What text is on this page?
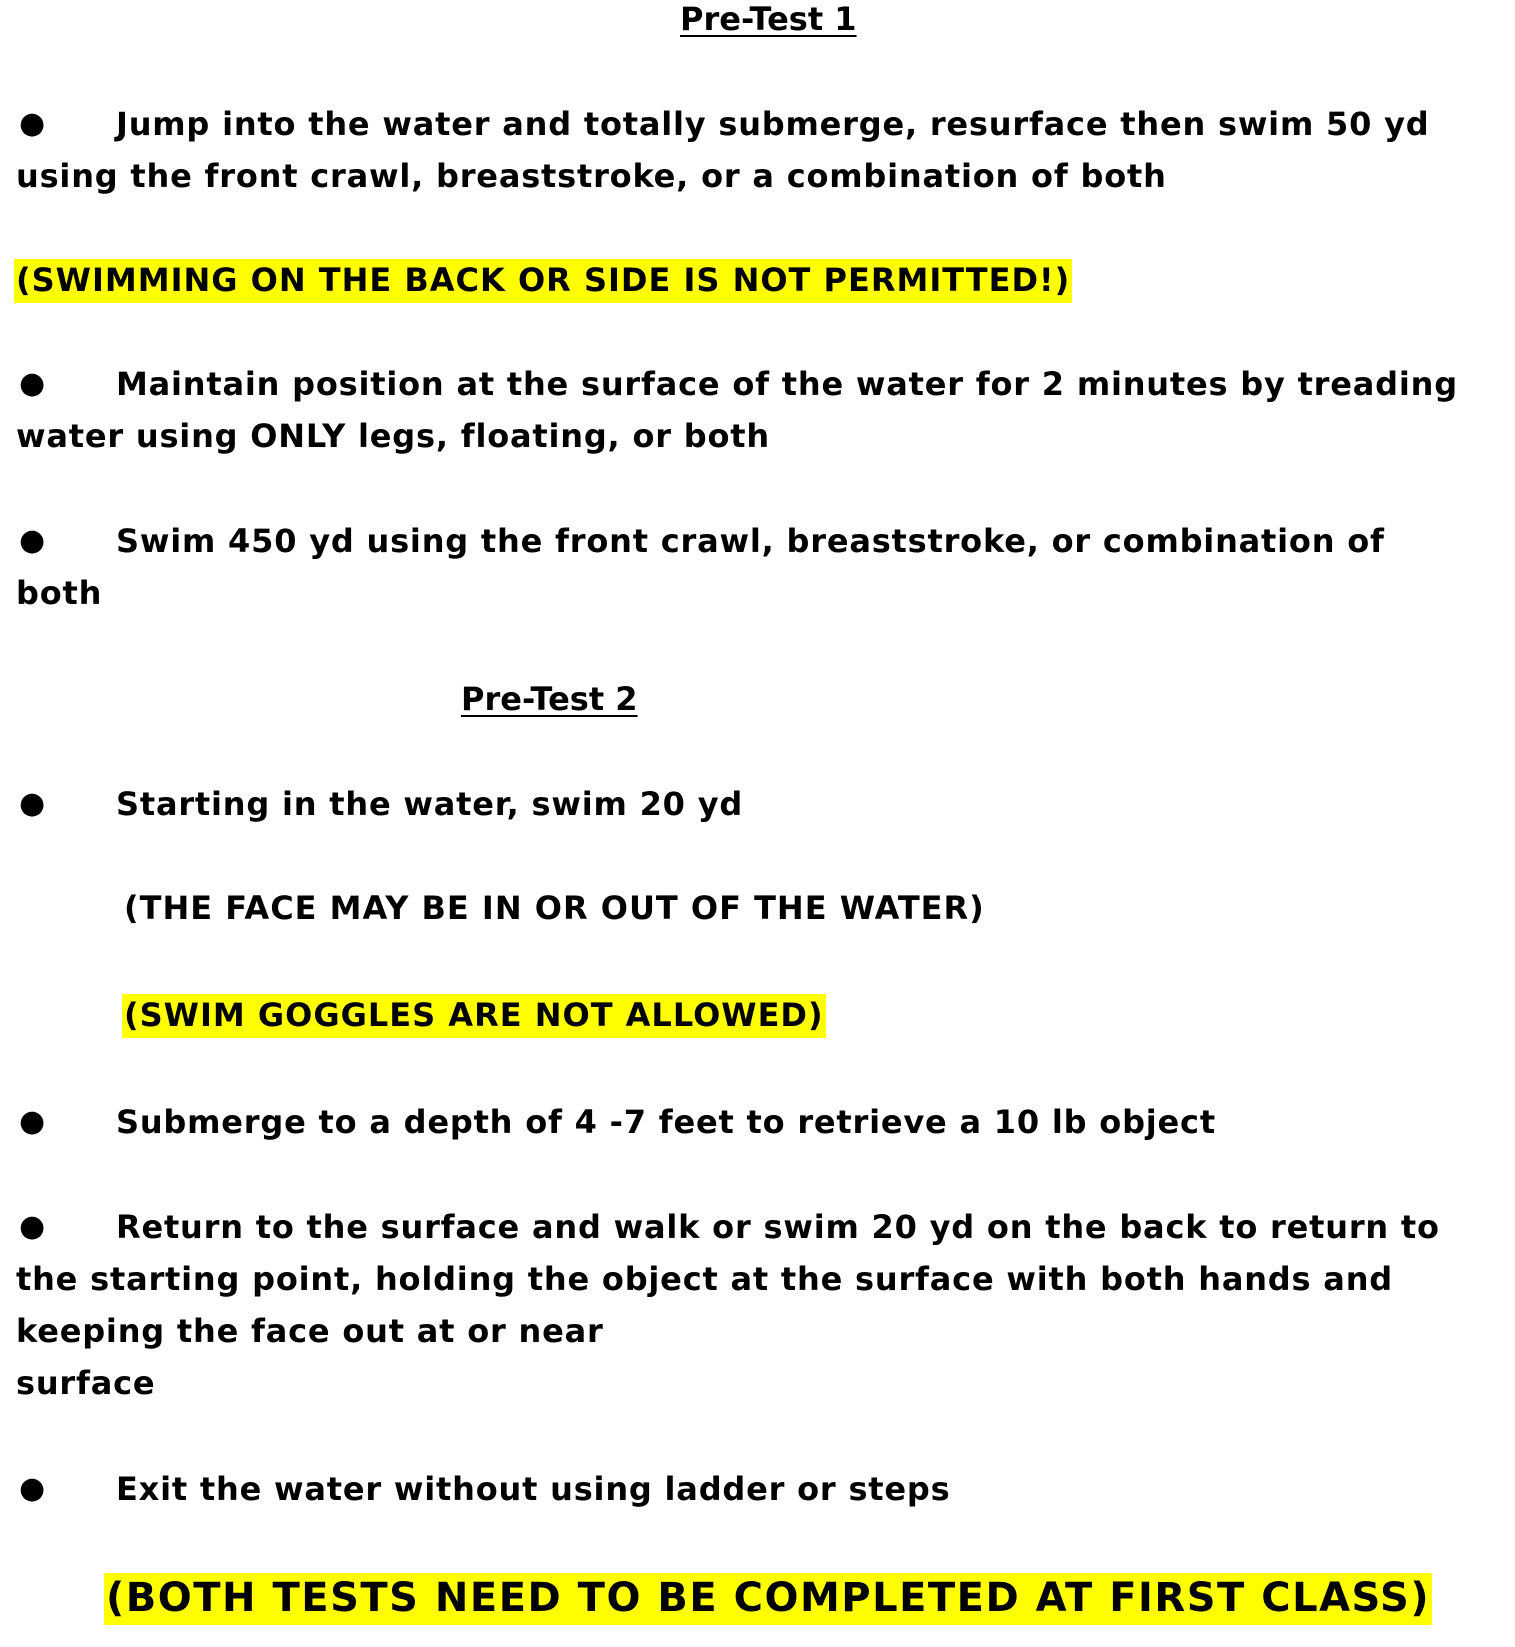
Pre-Test 1
● Jump into the water and totally submerge, resurface then swim 50 yd
using the front crawl, breaststroke, or a combination of both
(SWIMMING ON THE BACK OR SIDE IS NOT PERMITTED!)
● Maintain position at the surface of the water for 2 minutes by treading
water using ONLY legs, floating, or both
● Swim 450 yd using the front crawl, breaststroke, or combination of
both
Pre-Test 2
● Starting in the water, swim 20 yd
(THE FACE MAY BE IN OR OUT OF THE WATER)
(SWIM GOGGLES ARE NOT ALLOWED)
● Submerge to a depth of 4 -7 feet to retrieve a 10 lb object
● Return to the surface and walk or swim 20 yd on the back to return to
the starting point, holding the object at the surface with both hands and
keeping the face out at or near
surface
● Exit the water without using ladder or steps
(BOTH TESTS NEED TO BE COMPLETED AT FIRST CLASS)
